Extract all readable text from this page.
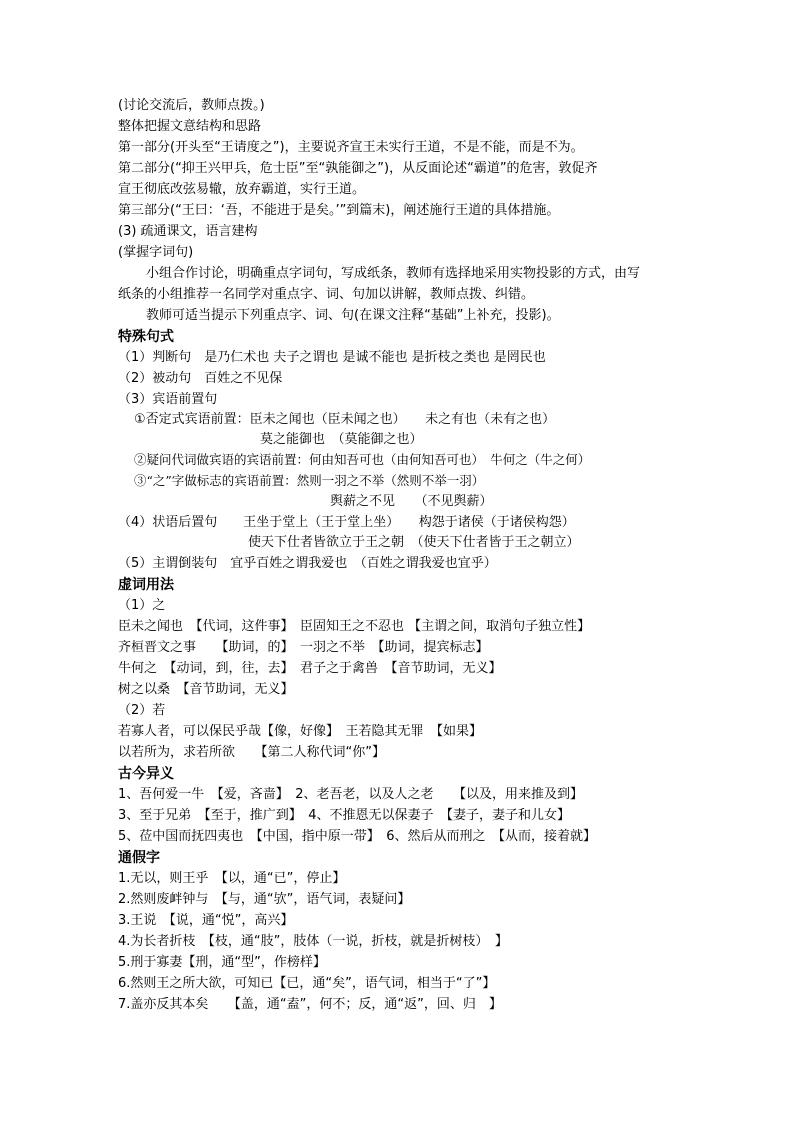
(讨论交流后，教师点拨。)
整体把握文意结构和思路
第一部分(开头至“王请度之”)，主要说齐宣王未实行王道，不是不能，而是不为。
第二部分(“抑王兴甲兵，危士臣”至“孰能御之”)，从反面论述“霸道”的危害，敦促齐
宣王彻底改弦易辙，放弃霸道，实行王道。
第三部分(“王曰：‘吾，不能进于是矣。’”到篇末)，阐述施行王道的具体措施。
(3) 疏通课文，语言建构
(掌握字词句)
小组合作讨论，明确重点字词句，写成纸条，教师有选择地采用实物投影的方式，由写
纸条的小组推荐一名同学对重点字、词、句加以讲解，教师点拨、纠错。
教师可适当提示下列重点字、词、句(在课文注释“基础”上补充，投影)。
特殊句式
（1）判断句　是乃仁术也 夫子之谓也 是诚不能也 是折枝之类也 是罔民也
（2）被动句　百姓之不见保
（3）宾语前置句
①否定式宾语前置：臣未之闻也（臣未闻之也）　　未之有也（未有之也）
莫之能御也　（莫能御之也）
②疑问代词做宾语的宾语前置：何由知吾可也（由何知吾可也）　牛何之（牛之何）
③“之”字做标志的宾语前置：然则一羽之不举（然则不举一羽）
舆薪之不见　　（不见舆薪）
（4）状语后置句　　王坐于堂上（王于堂上坐）　　构怨于诸侯（于诸侯构怨）
使天下仕者皆欲立于王之朝　（使天下仕者皆于王之朝立）
（5）主谓倒装句　宜乎百姓之谓我爱也　（百姓之谓我爱也宜乎）
虚词用法
（1）之
臣未之闻也　【代词，这件事】　臣固知王之不忍也 【主谓之间，取消句子独立性】
齐桓晋文之事　　【助词，的】　一羽之不举　【助词，提宾标志】
牛何之　【动词，到，往，去】　君子之于禽兽　【音节助词，无义】
树之以桑　【音节助词，无义】
（2）若
若寡人者，可以保民乎哉【像，好像】　王若隐其无罪　【如果】
以若所为，求若所欲　　【第二人称代词“你”】
古今异义
1、吾何爱一牛　【爱，吝啬】　2、老吾老，以及人之老　　【以及，用来推及到】
3、至于兄弟　【至于，推广到】　4、不推恩无以保妻子　【妻子，妻子和儿女】
5、莅中国而抚四夷也　【中国，指中原一带】　6、然后从而刑之　【从而，接着就】
通假字
1.无以，则王乎　【以，通“已”，停止】
2.然则废衅钟与　【与，通“欤”，语气词，表疑问】
3.王说　【说，通“悦”，高兴】
4.为长者折枝　【枝，通“肢”，肢体（一说，折枝，就是折树枝）　】
5.刑于寡妻【刑，通“型”，作榜样】
6.然则王之所大欲，可知已【已，通“矣”，语气词，相当于“了”】
7.盖亦反其本矣　　【盖，通“盍”，何不；反，通“返”，回、归　】
